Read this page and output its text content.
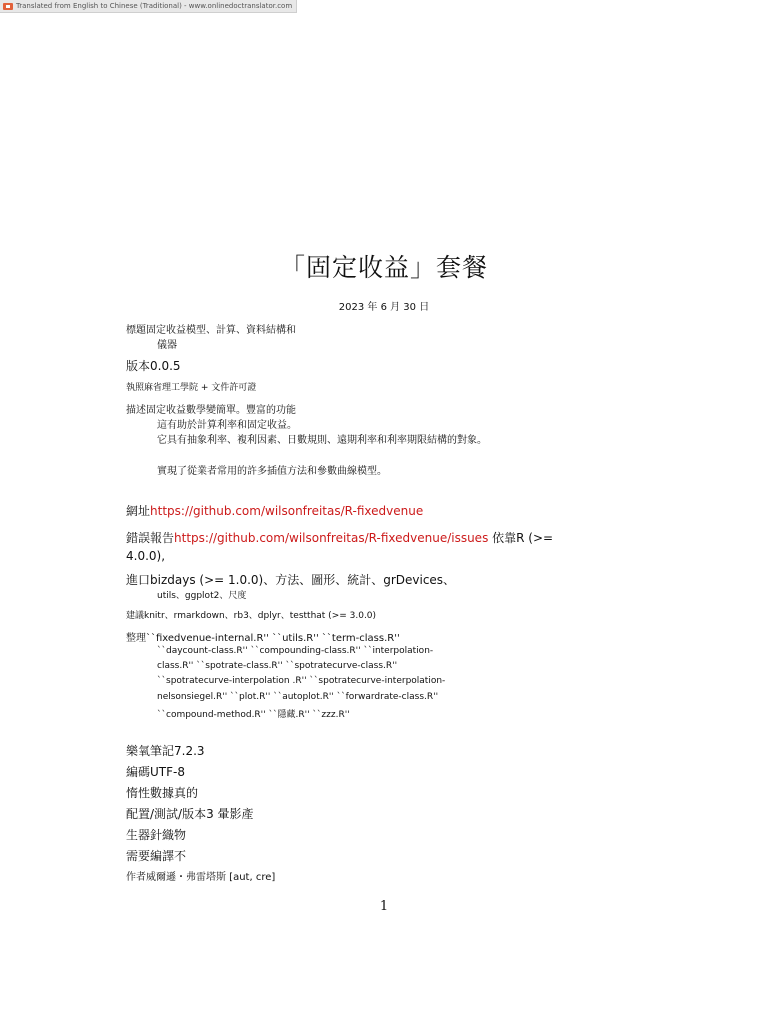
Translated from English to Chinese (Traditional) - www.onlinedoctranslator.com
「固定收益」套餐
2023 年 6 月 30 日
標題固定收益模型、計算、資料結構和
儀器
版本0.0.5
執照麻省理工學院 + 文件許可證
描述固定收益數學變簡單。豐富的功能
這有助於計算利率和固定收益。
它具有抽象利率、複利因素、日數規則、遠期利率和利率期限結構的對象。
實現了從業者常用的許多插值方法和參數曲線模型。
網址https://github.com/wilsonfreitas/R-fixedvenue
錯誤報告https://github.com/wilsonfreitas/R-fixedvenue/issues 依靠R (>=
4.0.0),
進口bizdays (>= 1.0.0)、方法、圖形、統計、grDevices、
utils、ggplot2、尺度
建議knitr、rmarkdown、rb3、dplyr、testthat (>= 3.0.0)
整理``fixedvenue-internal.R'' ``utils.R'' ``term-class.R''
``daycount-class.R'' ``compounding-class.R'' ``interpolation-
class.R'' ``spotrate-class.R'' ``spotratecurve-class.R''
``spotratecurve-interpolation .R'' ``spotratecurve-interpolation-
nelsonsiegel.R'' ``plot.R'' ``autoplot.R'' ``forwardrate-class.R''
``compound-method.R'' ``隱藏.R'' ``zzz.R''
樂氧筆記7.2.3
編碼UTF-8
惰性數據真的
配置/測試/版本3 暈影產
生器針織物
需要編譯不
作者威爾遜・弗雷塔斯 [aut, cre]
1
